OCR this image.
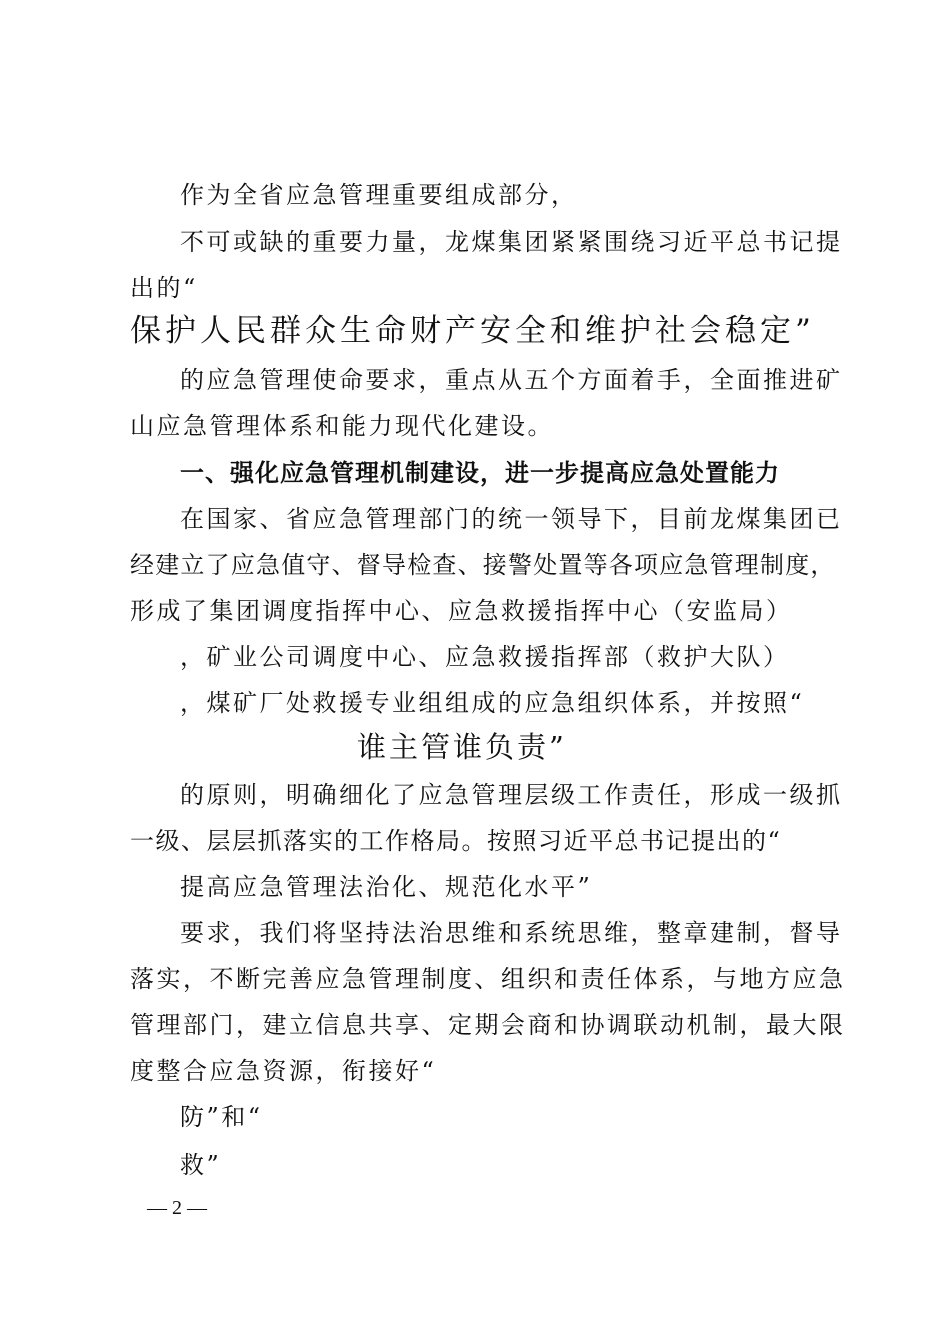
作为全省应急管理重要组成部分，
不可或缺的重要力量，龙煤集团紧紧围绕习近平总书记提
出的“
保护人民群众生命财产安全和维护社会稳定”
的应急管理使命要求，重点从五个方面着手，全面推进矿
山应急管理体系和能力现代化建设。
一、强化应急管理机制建设，进一步提高应急处置能力
在国家、省应急管理部门的统一领导下，目前龙煤集团已
经建立了应急值守、督导检查、接警处置等各项应急管理制度，
形成了集团调度指挥中心、应急救援指挥中心（安监局）
，矿业公司调度中心、应急救援指挥部（救护大队）
，煤矿厂处救援专业组组成的应急组织体系，并按照“
谁主管谁负责”
的原则，明确细化了应急管理层级工作责任，形成一级抓
一级、层层抓落实的工作格局。按照习近平总书记提出的“
提高应急管理法治化、规范化水平”
要求，我们将坚持法治思维和系统思维，整章建制，督导
落实，不断完善应急管理制度、组织和责任体系，与地方应急
管理部门，建立信息共享、定期会商和协调联动机制，最大限
度整合应急资源，衔接好“
防”和“
救”
— 2 —
